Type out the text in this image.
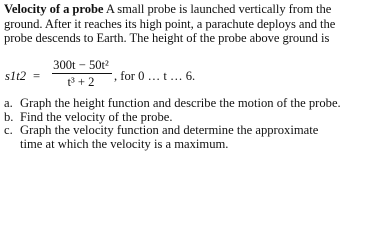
Velocity of a probe A small probe is launched vertically from the
ground. After it reaches its high point, a parachute deploys and the
probe descends to Earth. The height of the probe above ground is
s1t2 =
300t − 50t²
t³ + 2	, for 0 … t … 6.
a. Graph the height function and describe the motion of the probe.
b. Find the velocity of the probe.
c. Graph the velocity function and determine the approximate
time at which the velocity is a maximum.
